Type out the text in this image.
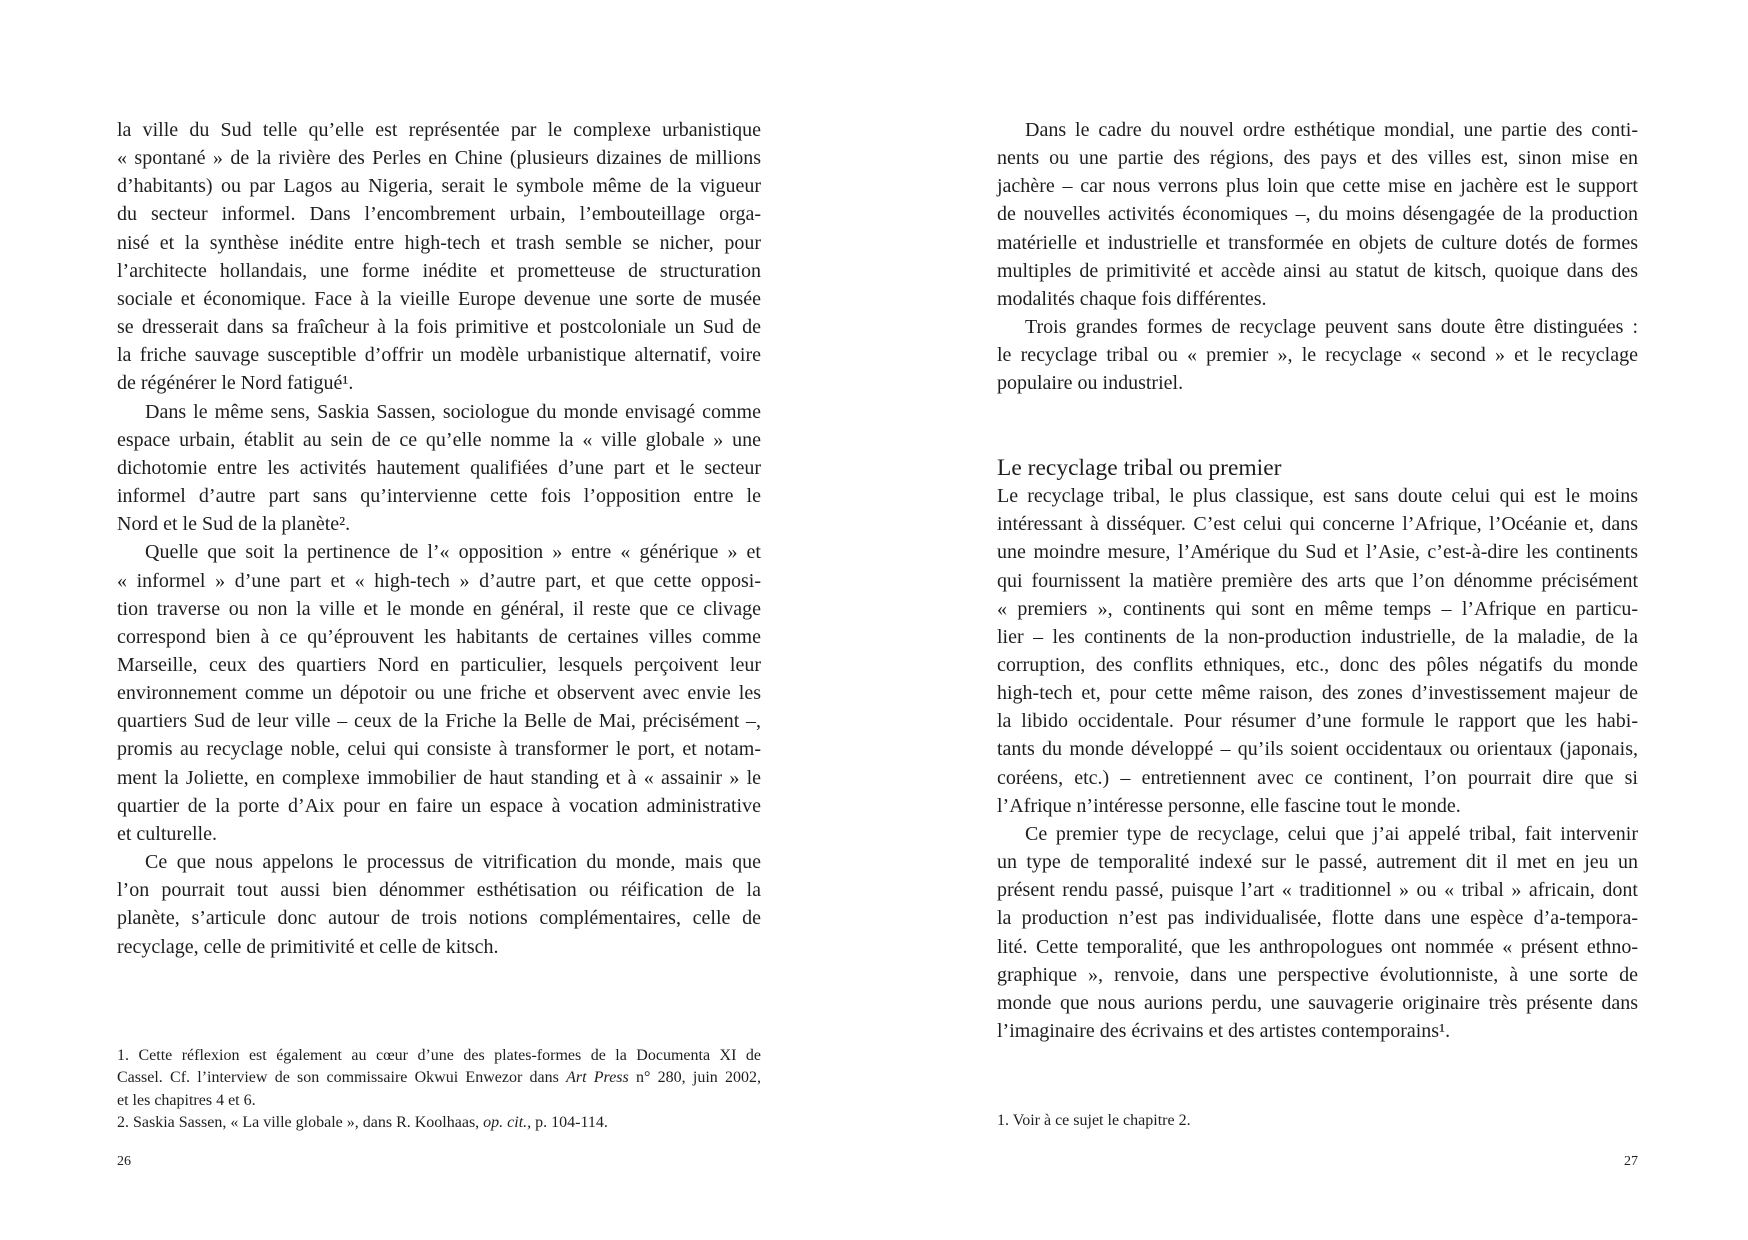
la ville du Sud telle qu’elle est représentée par le complexe urbanistique
« spontané » de la rivière des Perles en Chine (plusieurs dizaines de millions
d’habitants) ou par Lagos au Nigeria, serait le symbole même de la vigueur
du secteur informel. Dans l’encombrement urbain, l’embouteillage orga-
nisé et la synthèse inédite entre high-tech et trash semble se nicher, pour
l’architecte hollandais, une forme inédite et prometteuse de structuration
sociale et économique. Face à la vieille Europe devenue une sorte de musée
se dresserait dans sa fraîcheur à la fois primitive et postcoloniale un Sud de
la friche sauvage susceptible d’offrir un modèle urbanistique alternatif, voire
de régénérer le Nord fatigué¹.
Dans le même sens, Saskia Sassen, sociologue du monde envisagé comme
espace urbain, établit au sein de ce qu’elle nomme la « ville globale » une
dichotomie entre les activités hautement qualifiées d’une part et le secteur
informel d’autre part sans qu’intervienne cette fois l’opposition entre le
Nord et le Sud de la planète².
Quelle que soit la pertinence de l’« opposition » entre « générique » et
« informel » d’une part et « high-tech » d’autre part, et que cette opposi-
tion traverse ou non la ville et le monde en général, il reste que ce clivage
correspond bien à ce qu’éprouvent les habitants de certaines villes comme
Marseille, ceux des quartiers Nord en particulier, lesquels perçoivent leur
environnement comme un dépotoir ou une friche et observent avec envie les
quartiers Sud de leur ville – ceux de la Friche la Belle de Mai, précisément –,
promis au recyclage noble, celui qui consiste à transformer le port, et notam-
ment la Joliette, en complexe immobilier de haut standing et à « assainir » le
quartier de la porte d’Aix pour en faire un espace à vocation administrative
et culturelle.
Ce que nous appelons le processus de vitrification du monde, mais que
l’on pourrait tout aussi bien dénommer esthétisation ou réification de la
planète, s’articule donc autour de trois notions complémentaires, celle de
recyclage, celle de primitivité et celle de kitsch.
1. Cette réflexion est également au cœur d’une des plates-formes de la Documenta XI de
Cassel. Cf. l’interview de son commissaire Okwui Enwezor dans Art Press n° 280, juin 2002,
et les chapitres 4 et 6.
2. Saskia Sassen, « La ville globale », dans R. Koolhaas, op. cit., p. 104-114.
26
Dans le cadre du nouvel ordre esthétique mondial, une partie des conti-
nents ou une partie des régions, des pays et des villes est, sinon mise en
jachère – car nous verrons plus loin que cette mise en jachère est le support
de nouvelles activités économiques –, du moins désengagée de la production
matérielle et industrielle et transformée en objets de culture dotés de formes
multiples de primitivité et accède ainsi au statut de kitsch, quoique dans des
modalités chaque fois différentes.
Trois grandes formes de recyclage peuvent sans doute être distinguées :
le recyclage tribal ou « premier », le recyclage « second » et le recyclage
populaire ou industriel.
Le recyclage tribal ou premier
Le recyclage tribal, le plus classique, est sans doute celui qui est le moins
intéressant à disséquer. C’est celui qui concerne l’Afrique, l’Océanie et, dans
une moindre mesure, l’Amérique du Sud et l’Asie, c’est-à-dire les continents
qui fournissent la matière première des arts que l’on dénomme précisément
« premiers », continents qui sont en même temps – l’Afrique en particu-
lier – les continents de la non-production industrielle, de la maladie, de la
corruption, des conflits ethniques, etc., donc des pôles négatifs du monde
high-tech et, pour cette même raison, des zones d’investissement majeur de
la libido occidentale. Pour résumer d’une formule le rapport que les habi-
tants du monde développé – qu’ils soient occidentaux ou orientaux (japonais,
coréens, etc.) – entretiennent avec ce continent, l’on pourrait dire que si
l’Afrique n’intéresse personne, elle fascine tout le monde.
Ce premier type de recyclage, celui que j’ai appelé tribal, fait intervenir
un type de temporalité indexé sur le passé, autrement dit il met en jeu un
présent rendu passé, puisque l’art « traditionnel » ou « tribal » africain, dont
la production n’est pas individualisée, flotte dans une espèce d’a-tempora-
lité. Cette temporalité, que les anthropologues ont nommée « présent ethno-
graphique », renvoie, dans une perspective évolutionniste, à une sorte de
monde que nous aurions perdu, une sauvagerie originaire très présente dans
l’imaginaire des écrivains et des artistes contemporains¹.
1. Voir à ce sujet le chapitre 2.
27
